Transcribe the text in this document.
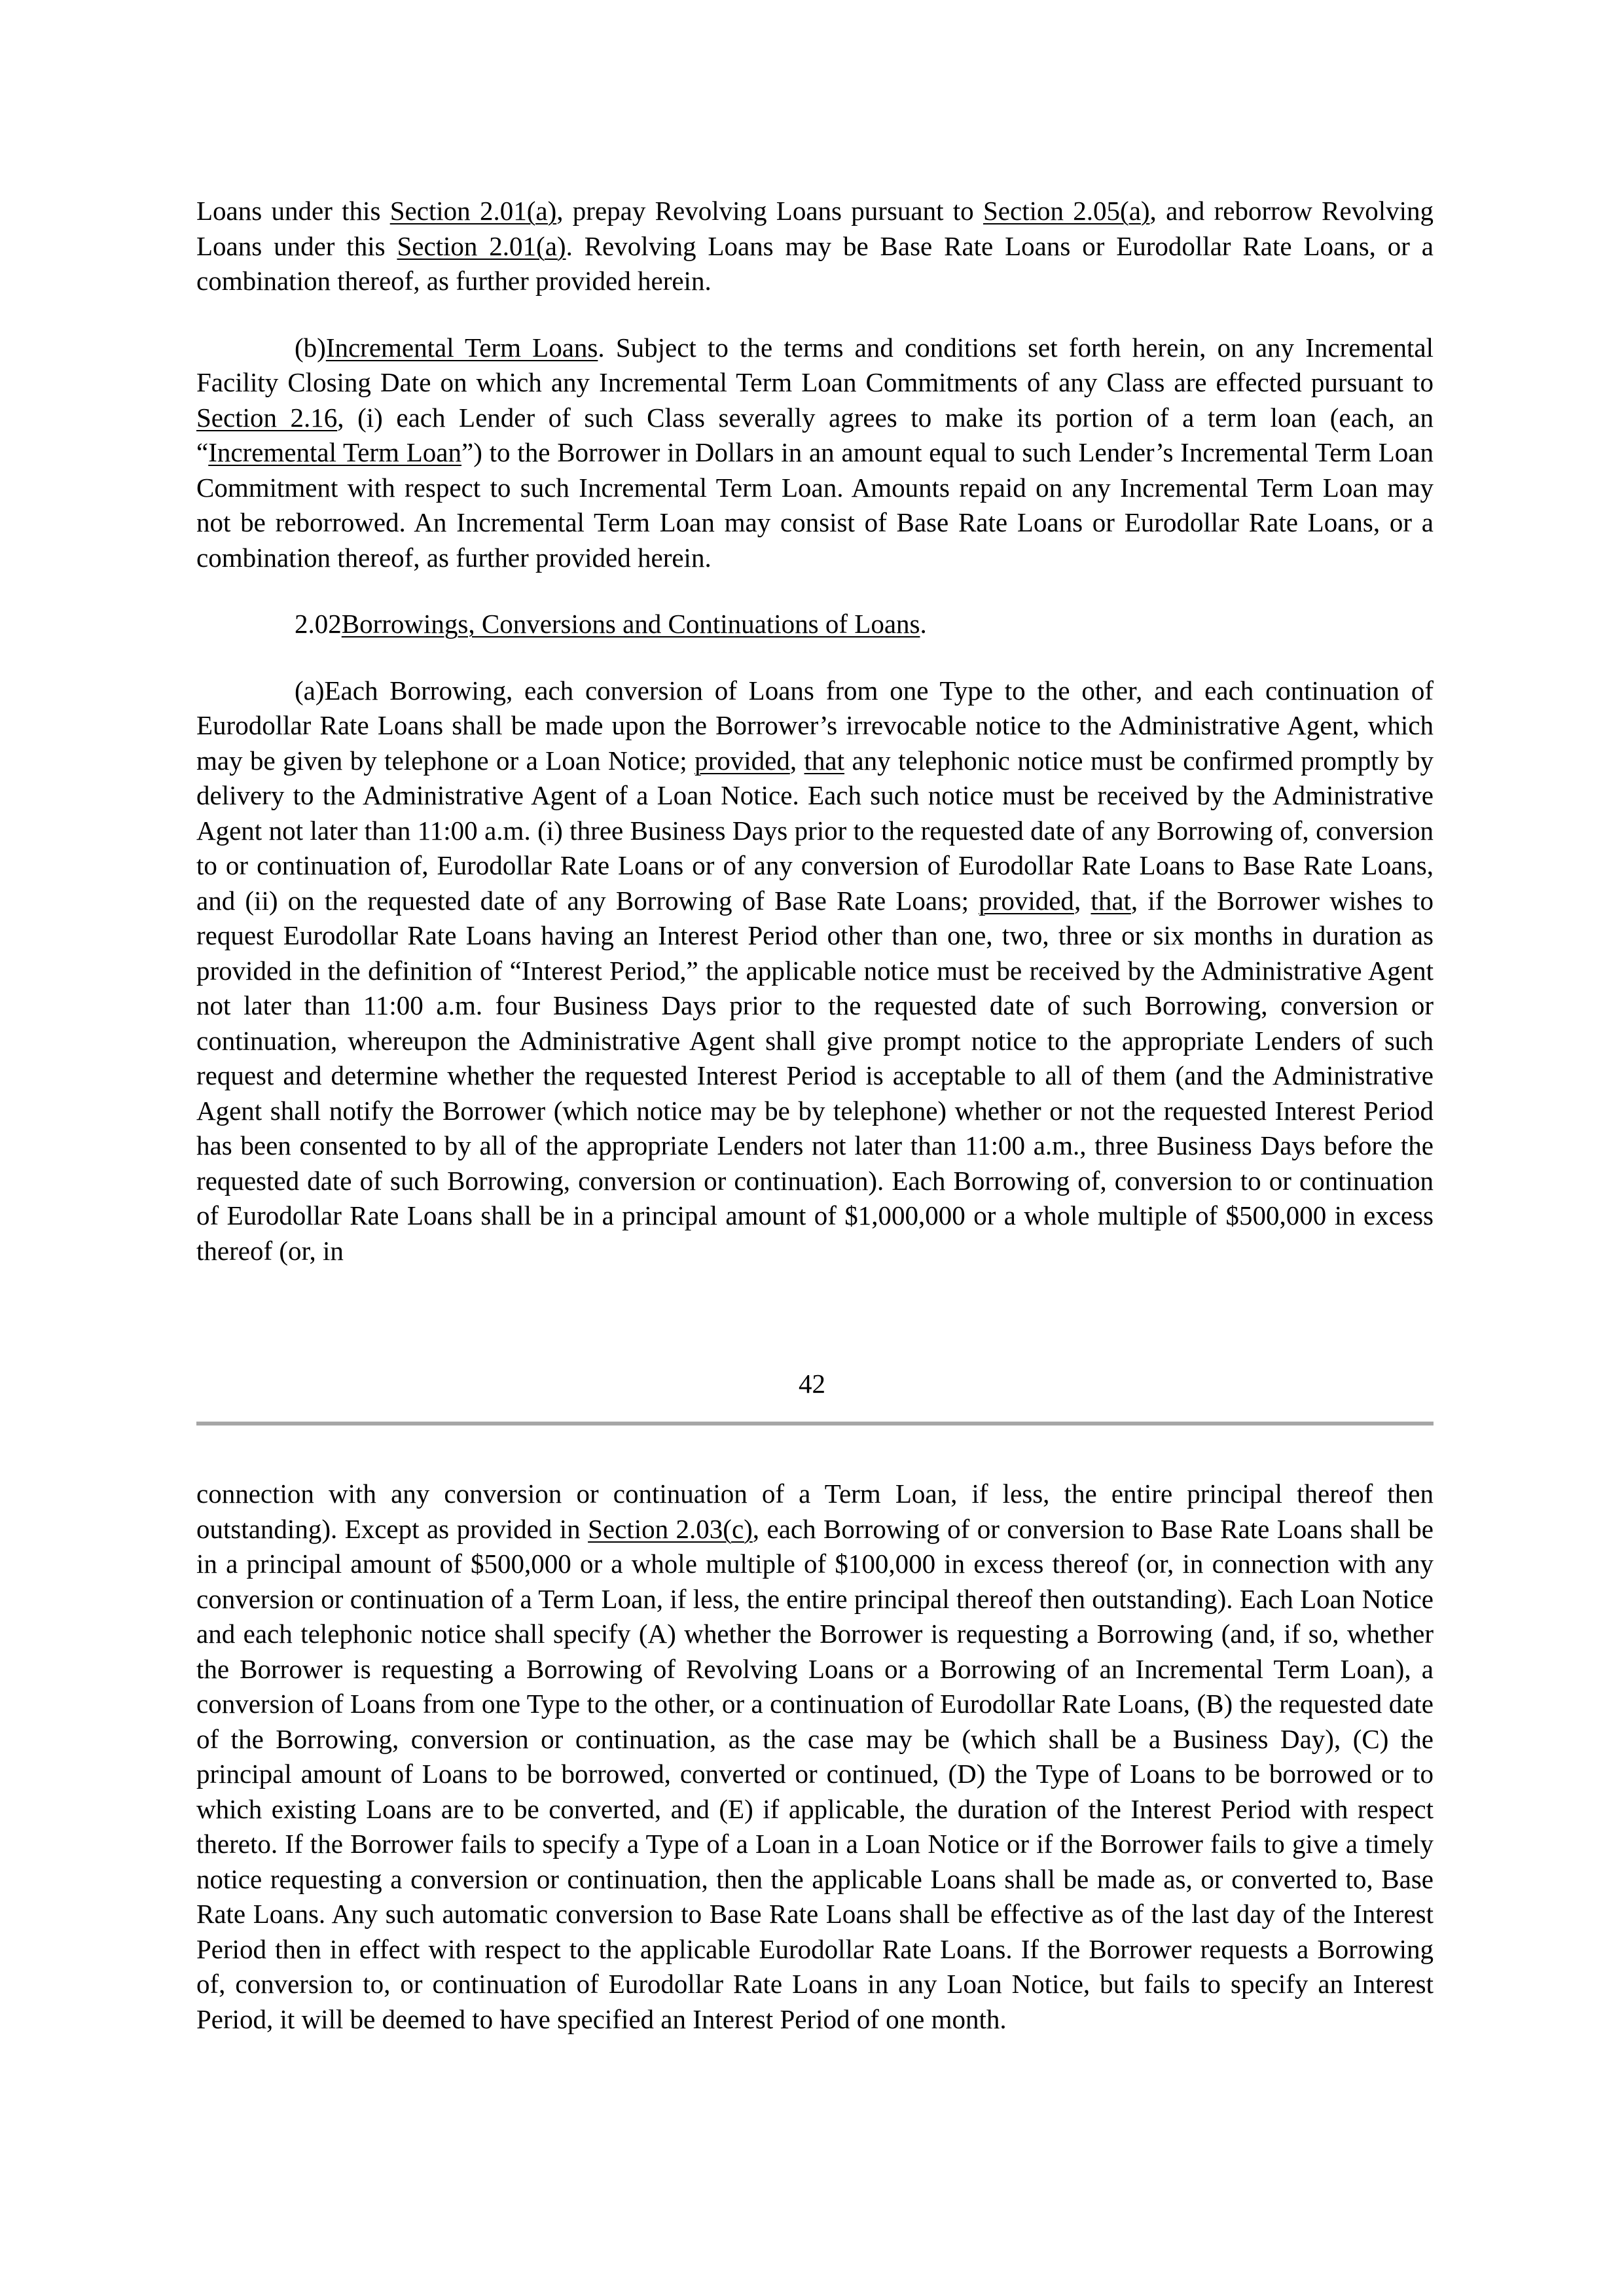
Loans under this Section 2.01(a), prepay Revolving Loans pursuant to Section 2.05(a), and reborrow Revolving Loans under this Section 2.01(a). Revolving Loans may be Base Rate Loans or Eurodollar Rate Loans, or a combination thereof, as further provided herein.

(b)Incremental Term Loans. Subject to the terms and conditions set forth herein, on any Incremental Facility Closing Date on which any Incremental Term Loan Commitments of any Class are effected pursuant to Section 2.16, (i) each Lender of such Class severally agrees to make its portion of a term loan (each, an “Incremental Term Loan”) to the Borrower in Dollars in an amount equal to such Lender’s Incremental Term Loan Commitment with respect to such Incremental Term Loan. Amounts repaid on any Incremental Term Loan may not be reborrowed. An Incremental Term Loan may consist of Base Rate Loans or Eurodollar Rate Loans, or a combination thereof, as further provided herein.

2.02Borrowings, Conversions and Continuations of Loans.

(a)Each Borrowing, each conversion of Loans from one Type to the other, and each continuation of Eurodollar Rate Loans shall be made upon the Borrower’s irrevocable notice to the Administrative Agent, which may be given by telephone or a Loan Notice; provided, that any telephonic notice must be confirmed promptly by delivery to the Administrative Agent of a Loan Notice. Each such notice must be received by the Administrative Agent not later than 11:00 a.m. (i) three Business Days prior to the requested date of any Borrowing of, conversion to or continuation of, Eurodollar Rate Loans or of any conversion of Eurodollar Rate Loans to Base Rate Loans, and (ii) on the requested date of any Borrowing of Base Rate Loans; provided, that, if the Borrower wishes to request Eurodollar Rate Loans having an Interest Period other than one, two, three or six months in duration as provided in the definition of “Interest Period,” the applicable notice must be received by the Administrative Agent not later than 11:00 a.m. four Business Days prior to the requested date of such Borrowing, conversion or continuation, whereupon the Administrative Agent shall give prompt notice to the appropriate Lenders of such request and determine whether the requested Interest Period is acceptable to all of them (and the Administrative Agent shall notify the Borrower (which notice may be by telephone) whether or not the requested Interest Period has been consented to by all of the appropriate Lenders not later than 11:00 a.m., three Business Days before the requested date of such Borrowing, conversion or continuation). Each Borrowing of, conversion to or continuation of Eurodollar Rate Loans shall be in a principal amount of $1,000,000 or a whole multiple of $500,000 in excess thereof (or, in

42

connection with any conversion or continuation of a Term Loan, if less, the entire principal thereof then outstanding). Except as provided in Section 2.03(c), each Borrowing of or conversion to Base Rate Loans shall be in a principal amount of $500,000 or a whole multiple of $100,000 in excess thereof (or, in connection with any conversion or continuation of a Term Loan, if less, the entire principal thereof then outstanding). Each Loan Notice and each telephonic notice shall specify (A) whether the Borrower is requesting a Borrowing (and, if so, whether the Borrower is requesting a Borrowing of Revolving Loans or a Borrowing of an Incremental Term Loan), a conversion of Loans from one Type to the other, or a continuation of Eurodollar Rate Loans, (B) the requested date of the Borrowing, conversion or continuation, as the case may be (which shall be a Business Day), (C) the principal amount of Loans to be borrowed, converted or continued, (D) the Type of Loans to be borrowed or to which existing Loans are to be converted, and (E) if applicable, the duration of the Interest Period with respect thereto. If the Borrower fails to specify a Type of a Loan in a Loan Notice or if the Borrower fails to give a timely notice requesting a conversion or continuation, then the applicable Loans shall be made as, or converted to, Base Rate Loans. Any such automatic conversion to Base Rate Loans shall be effective as of the last day of the Interest Period then in effect with respect to the applicable Eurodollar Rate Loans. If the Borrower requests a Borrowing of, conversion to, or continuation of Eurodollar Rate Loans in any Loan Notice, but fails to specify an Interest Period, it will be deemed to have specified an Interest Period of one month.
